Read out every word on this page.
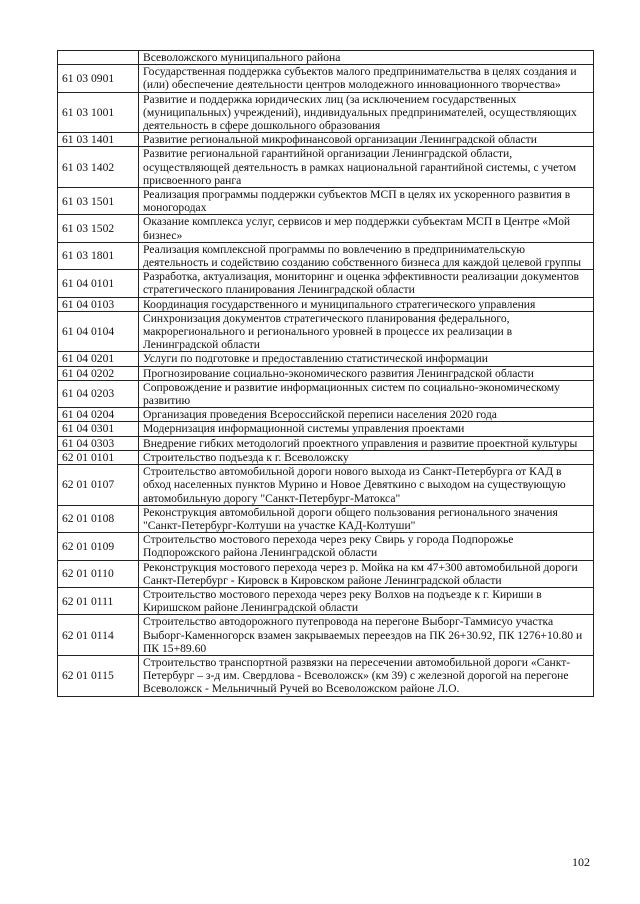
	Всеволожского муниципального района
61 03 0901	Государственная поддержка субъектов малого предпринимательства в целях создания и (или) обеспечение деятельности центров молодежного инновационного творчества»
61 03 1001	Развитие и поддержка юридических лиц (за исключением государственных (муниципальных) учреждений), индивидуальных предпринимателей, осуществляющих деятельность в сфере дошкольного образования
61 03 1401	Развитие региональной микрофинансовой организации Ленинградской области
61 03 1402	Развитие региональной гарантийной организации Ленинградской области, осуществляющей деятельность в рамках национальной гарантийной системы, с учетом присвоенного ранга
61 03 1501	Реализация программы поддержки субъектов МСП в целях их ускоренного развития в моногородах
61 03 1502	Оказание комплекса услуг, сервисов и мер поддержки субъектам МСП в Центре «Мой бизнес»
61 03 1801	Реализация комплексной программы по вовлечению в предпринимательскую деятельность и содействию созданию собственного бизнеса для каждой целевой группы
61 04 0101	Разработка, актуализация, мониторинг и оценка эффективности реализации документов стратегического планирования Ленинградской области
61 04 0103	Координация государственного и муниципального стратегического управления
61 04 0104	Синхронизация документов стратегического планирования федерального, макрорегионального и регионального уровней в процессе их реализации в Ленинградской области
61 04 0201	Услуги по подготовке и предоставлению статистической информации
61 04 0202	Прогнозирование социально-экономического развития Ленинградской области
61 04 0203	Сопровождение и развитие информационных систем по социально-экономическому развитию
61 04 0204	Организация проведения Всероссийской переписи населения 2020 года
61 04 0301	Модернизация информационной системы управления проектами
61 04 0303	Внедрение гибких методологий проектного управления и развитие проектной культуры
62 01 0101	Строительство подъезда к г. Всеволожску
62 01 0107	Строительство автомобильной дороги нового выхода из Санкт-Петербурга от КАД в обход населенных пунктов Мурино и Новое Девяткино с выходом на существующую автомобильную дорогу "Санкт-Петербург-Матокса"
62 01 0108	Реконструкция автомобильной дороги общего пользования регионального значения "Санкт-Петербург-Колтуши на участке КАД-Колтуши"
62 01 0109	Строительство мостового перехода через реку Свирь у города Подпорожье Подпорожского района Ленинградской области
62 01 0110	Реконструкция мостового перехода через р. Мойка на км 47+300 автомобильной дороги Санкт-Петербург - Кировск в Кировском районе Ленинградской области
62 01 0111	Строительство мостового перехода через реку Волхов на подъезде к г. Кириши в Киришском районе Ленинградской области
62 01 0114	Строительство автодорожного путепровода на перегоне Выборг-Таммисуо участка Выборг-Каменногорск взамен закрываемых переездов на ПК 26+30.92, ПК 1276+10.80 и ПК 15+89.60
62 01 0115	Строительство транспортной развязки на пересечении автомобильной дороги «Санкт-Петербург – з-д им. Свердлова - Всеволожск» (км 39) с железной дорогой на перегоне Всеволожск - Мельничный Ручей во Всеволожском районе Л.О.
102
